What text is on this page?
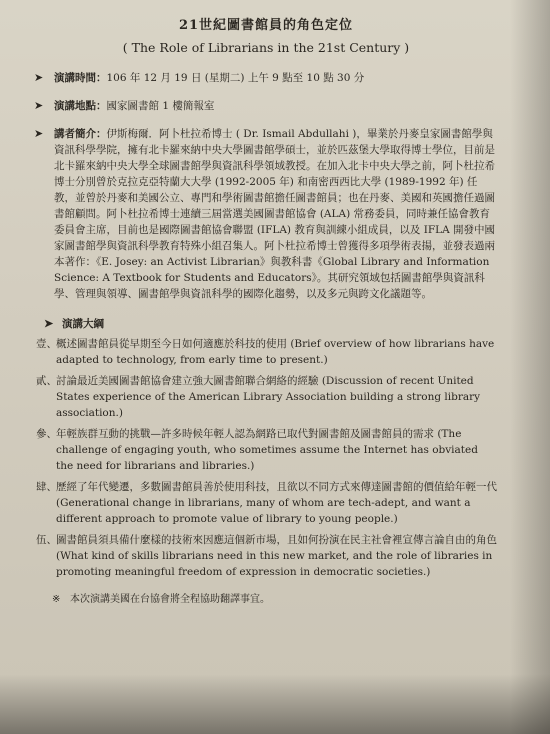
21世紀圖書館員的角色定位
( The Role of Librarians in the 21st Century )
➤	演講時間：106 年 12 月 19 日 (星期二) 上午 9 點至 10 點 30 分
➤	演講地點：國家圖書館 1 樓簡報室
➤	講者簡介：伊斯梅爾．阿卜杜拉希博士 ( Dr. Ismail Abdullahi )，畢業於丹麥皇家圖書館學與資訊科學學院，擁有北卡羅來納中央大學圖書館學碩士，並於匹茲堡大學取得博士學位，目前是北卡羅來納中央大學全球圖書館學與資訊科學領域教授。在加入北卡中央大學之前，阿卜杜拉希博士分別曾於克拉克亞特蘭大大學 (1992-2005 年) 和南密西西比大學 (1989-1992 年) 任教，並曾於丹麥和美國公立、專門和學術圖書館擔任圖書館員；也在丹麥、美國和英國擔任過圖書館顧問。阿卜杜拉希博士連續三屆當選美國圖書館協會 (ALA) 常務委員，同時兼任協會教育委員會主席，目前也是國際圖書館協會聯盟 (IFLA) 教育與訓練小組成員，以及 IFLA 開發中國家圖書館學與資訊科學教育特殊小組召集人。阿卜杜拉希博士曾獲得多項學術表揚，並發表過兩本著作：《E. Josey: an Activist Librarian》與教科書《Global Library and Information Science: A Textbook for Students and Educators》。其研究領域包括圖書館學與資訊科學、管理與領導、圖書館學與資訊科學的國際化趨勢，以及多元與跨文化議題等。
➤ 演講大綱
壹、 概述圖書館員從早期至今日如何適應於科技的使用 (Brief overview of how librarians have adapted to technology, from early time to present.)
貳、 討論最近美國圖書館協會建立強大圖書館聯合網絡的經驗 (Discussion of recent United States experience of the American Library Association building a strong library association.)
參、 年輕族群互動的挑戰—許多時候年輕人認為網路已取代對圖書館及圖書館員的需求 (The challenge of engaging youth, who sometimes assume the Internet has obviated the need for librarians and libraries.)
肆、 歷經了年代變遷，多數圖書館員善於使用科技，且欲以不同方式來傳達圖書館的價值給年輕一代 (Generational change in librarians, many of whom are tech-adept, and want a different approach to promote value of library to young people.)
伍、 圖書館員須具備什麼樣的技術來因應這個新市場，且如何扮演在民主社會裡宣傳言論自由的角色 (What kind of skills librarians need in this new market, and the role of libraries in promoting meaningful freedom of expression in democratic societies.)
※ 本次演講美國在台協會將全程協助翻譯事宜。
